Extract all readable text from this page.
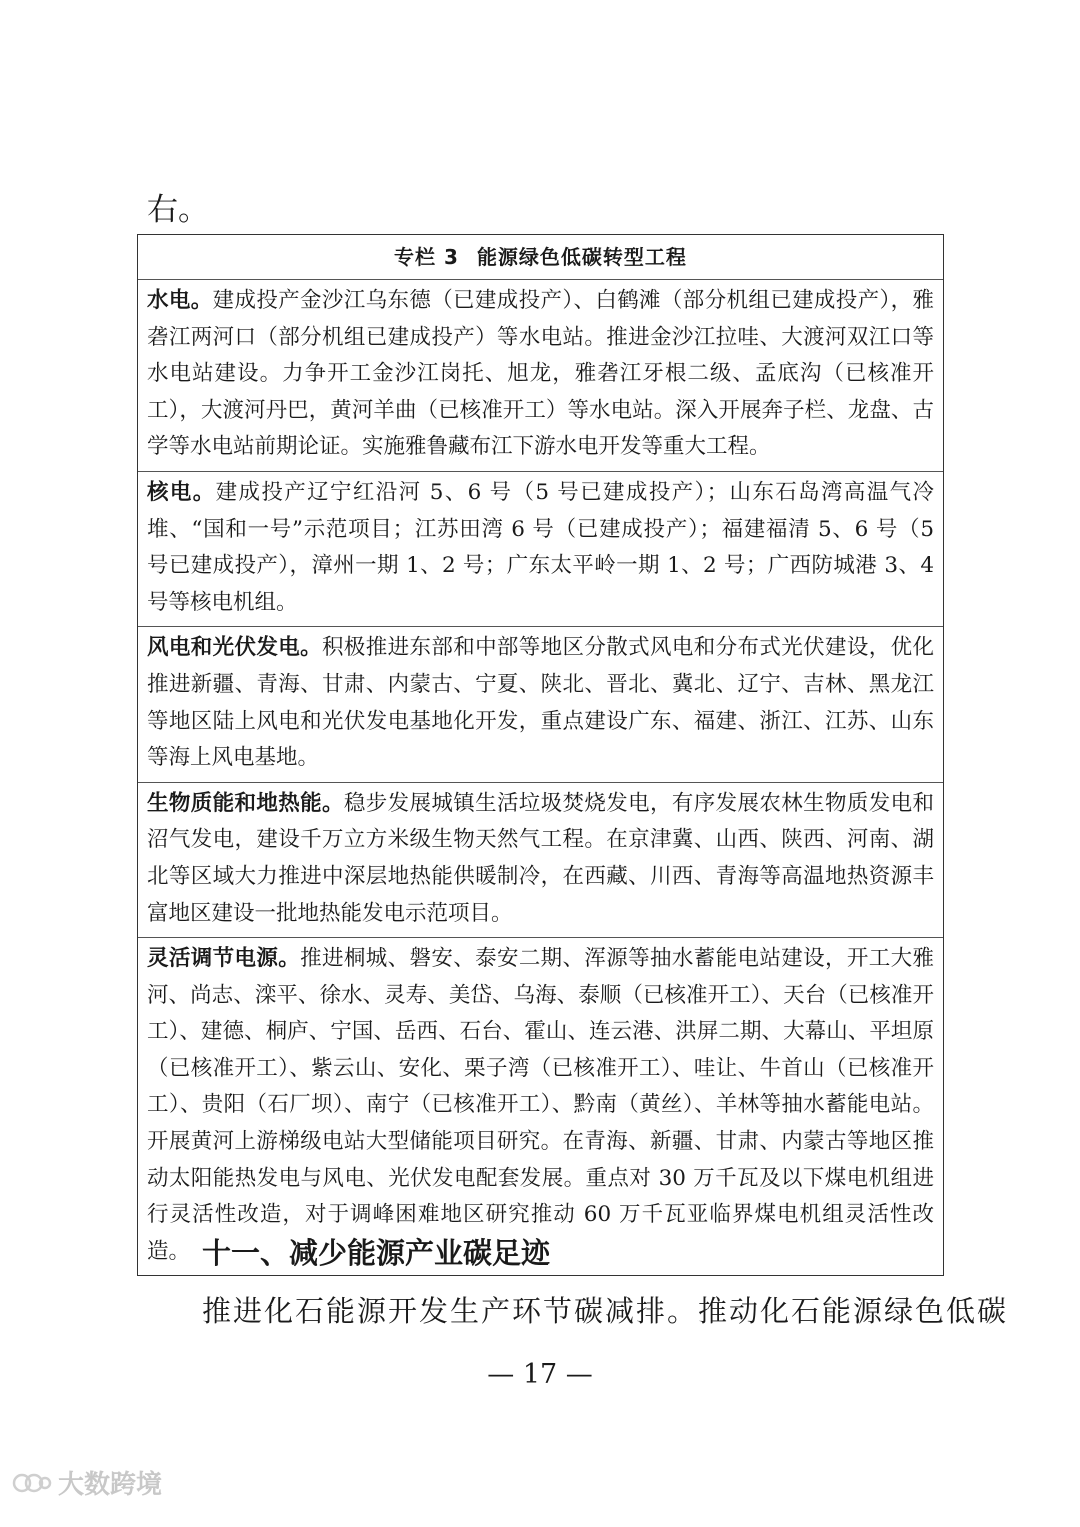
右。
专栏 3 能源绿色低碳转型工程
水电。建成投产金沙江乌东德（已建成投产）、白鹤滩（部分机组已建成投产），雅砻江两河口（部分机组已建成投产）等水电站。推进金沙江拉哇、大渡河双江口等水电站建设。力争开工金沙江岗托、旭龙，雅砻江牙根二级、孟底沟（已核准开工），大渡河丹巴，黄河羊曲（已核准开工）等水电站。深入开展奔子栏、龙盘、古学等水电站前期论证。实施雅鲁藏布江下游水电开发等重大工程。
核电。建成投产辽宁红沿河 5、6 号（5 号已建成投产）；山东石岛湾高温气冷堆、“国和一号”示范项目；江苏田湾 6 号（已建成投产）；福建福清 5、6 号（5 号已建成投产），漳州一期 1、2 号；广东太平岭一期 1、2 号；广西防城港 3、4 号等核电机组。
风电和光伏发电。积极推进东部和中部等地区分散式风电和分布式光伏建设，优化推进新疆、青海、甘肃、内蒙古、宁夏、陕北、晋北、冀北、辽宁、吉林、黑龙江等地区陆上风电和光伏发电基地化开发，重点建设广东、福建、浙江、江苏、山东等海上风电基地。
生物质能和地热能。稳步发展城镇生活垃圾焚烧发电，有序发展农林生物质发电和沼气发电，建设千万立方米级生物天然气工程。在京津冀、山西、陕西、河南、湖北等区域大力推进中深层地热能供暖制冷，在西藏、川西、青海等高温地热资源丰富地区建设一批地热能发电示范项目。
灵活调节电源。推进桐城、磐安、泰安二期、浑源等抽水蓄能电站建设，开工大雅河、尚志、滦平、徐水、灵寿、美岱、乌海、泰顺（已核准开工）、天台（已核准开工）、建德、桐庐、宁国、岳西、石台、霍山、连云港、洪屏二期、大幕山、平坦原（已核准开工）、紫云山、安化、栗子湾（已核准开工）、哇让、牛首山（已核准开工）、贵阳（石厂坝）、南宁（已核准开工）、黔南（黄丝）、羊林等抽水蓄能电站。开展黄河上游梯级电站大型储能项目研究。在青海、新疆、甘肃、内蒙古等地区推动太阳能热发电与风电、光伏发电配套发展。重点对 30 万千瓦及以下煤电机组进行灵活性改造，对于调峰困难地区研究推动 60 万千瓦亚临界煤电机组灵活性改造。 十一、减少能源产业碳足迹
推进化石能源开发生产环节碳减排。推动化石能源绿色低碳
— 17 —
大数跨境
